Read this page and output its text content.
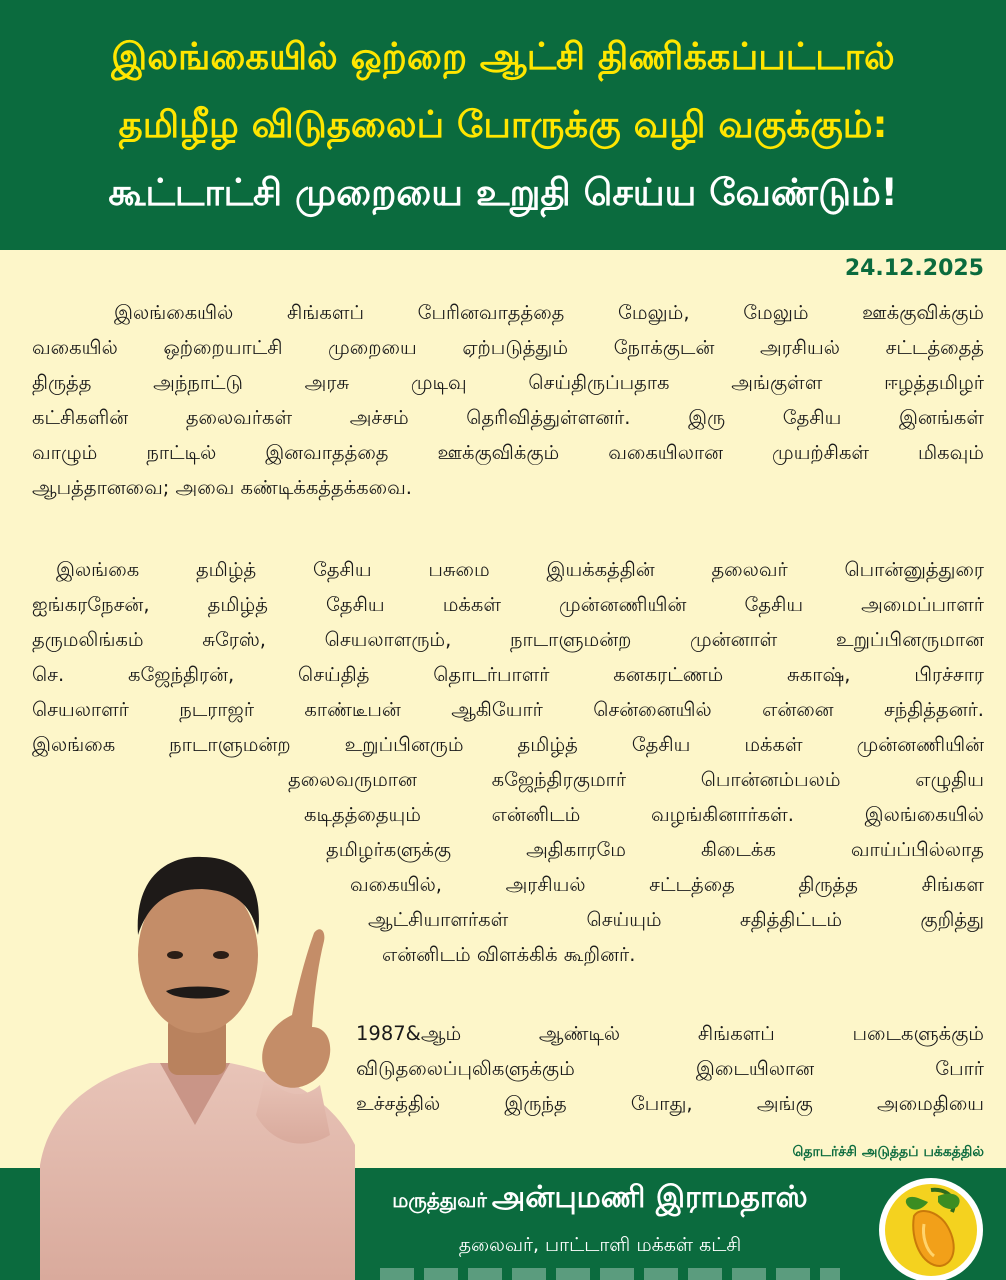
இலங்கையில் ஒற்றை ஆட்சி திணிக்கப்பட்டால்
தமிழீழ விடுதலைப் போருக்கு வழி வகுக்கும்:
கூட்டாட்சி முறையை உறுதி செய்ய வேண்டும்!
24.12.2025
இலங்கையில் சிங்களப் பேரினவாதத்தை மேலும், மேலும் ஊக்குவிக்கும்
வகையில் ஒற்றையாட்சி முறையை ஏற்படுத்தும் நோக்குடன் அரசியல் சட்டத்தைத்
திருத்த அந்நாட்டு அரசு முடிவு செய்திருப்பதாக அங்குள்ள ஈழத்தமிழர்
கட்சிகளின் தலைவர்கள் அச்சம் தெரிவித்துள்ளனர். இரு தேசிய இனங்கள்
வாழும் நாட்டில் இனவாதத்தை ஊக்குவிக்கும் வகையிலான முயற்சிகள் மிகவும்
ஆபத்தானவை; அவை கண்டிக்கத்தக்கவை.
இலங்கை தமிழ்த் தேசிய பசுமை இயக்கத்தின் தலைவர் பொன்னுத்துரை
ஐங்கரநேசன், தமிழ்த் தேசிய மக்கள் முன்னணியின் தேசிய அமைப்பாளர்
தருமலிங்கம் சுரேஸ், செயலாளரும், நாடாளுமன்ற முன்னாள் உறுப்பினருமான
செ. கஜேந்திரன், செய்தித் தொடர்பாளர் கனகரட்ணம் சுகாஷ், பிரச்சார
செயலாளர் நடராஜர் காண்டீபன் ஆகியோர் சென்னையில் என்னை சந்தித்தனர்.
இலங்கை நாடாளுமன்ற உறுப்பினரும் தமிழ்த் தேசிய மக்கள் முன்னணியின்
தலைவருமான கஜேந்திரகுமார் பொன்னம்பலம் எழுதிய
கடிதத்தையும் என்னிடம் வழங்கினார்கள். இலங்கையில்
தமிழர்களுக்கு அதிகாரமே கிடைக்க வாய்ப்பில்லாத
வகையில், அரசியல் சட்டத்தை திருத்த சிங்கள
ஆட்சியாளர்கள் செய்யும் சதித்திட்டம் குறித்து
என்னிடம் விளக்கிக் கூறினர்.
1987&ஆம் ஆண்டில் சிங்களப் படைகளுக்கும்
விடுதலைப்புலிகளுக்கும் இடையிலான போர்
உச்சத்தில் இருந்த போது, அங்கு அமைதியை
தொடர்ச்சி அடுத்தப் பக்கத்தில்
மருத்துவர் அன்புமணி இராமதாஸ்
தலைவர், பாட்டாளி மக்கள் கட்சி
